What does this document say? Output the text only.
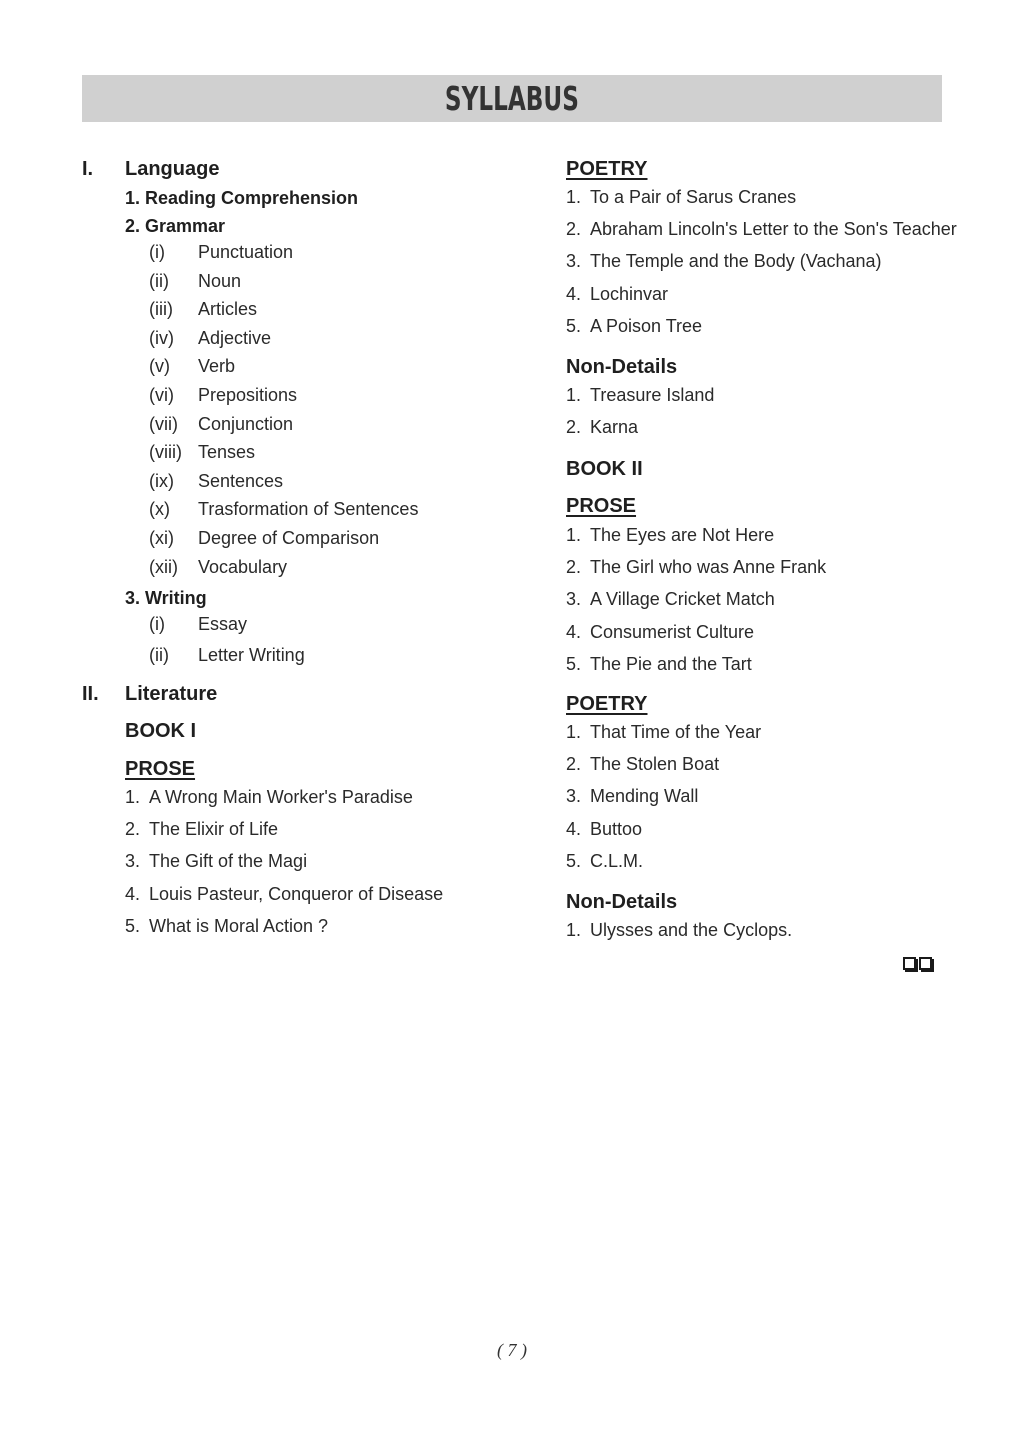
SYLLABUS
I. Language
1. Reading Comprehension
2. Grammar
(i) Punctuation
(ii) Noun
(iii) Articles
(iv) Adjective
(v) Verb
(vi) Prepositions
(vii) Conjunction
(viii) Tenses
(ix) Sentences
(x) Trasformation of Sentences
(xi) Degree of Comparison
(xii) Vocabulary
3. Writing
(i) Essay
(ii) Letter Writing
II. Literature
BOOK I
PROSE
1. A Wrong Main Worker's Paradise
2. The Elixir of Life
3. The Gift of the Magi
4. Louis Pasteur, Conqueror of Disease
5. What is Moral Action ?
POETRY
1. To a Pair of Sarus Cranes
2. Abraham Lincoln's Letter to the Son's Teacher
3. The Temple and the Body (Vachana)
4. Lochinvar
5. A Poison Tree
Non-Details
1. Treasure Island
2. Karna
BOOK II
PROSE
1. The Eyes are Not Here
2. The Girl who was Anne Frank
3. A Village Cricket Match
4. Consumerist Culture
5. The Pie and the Tart
POETRY
1. That Time of the Year
2. The Stolen Boat
3. Mending Wall
4. Buttoo
5. C.L.M.
Non-Details
1. Ulysses and the Cyclops.
( 7 )
